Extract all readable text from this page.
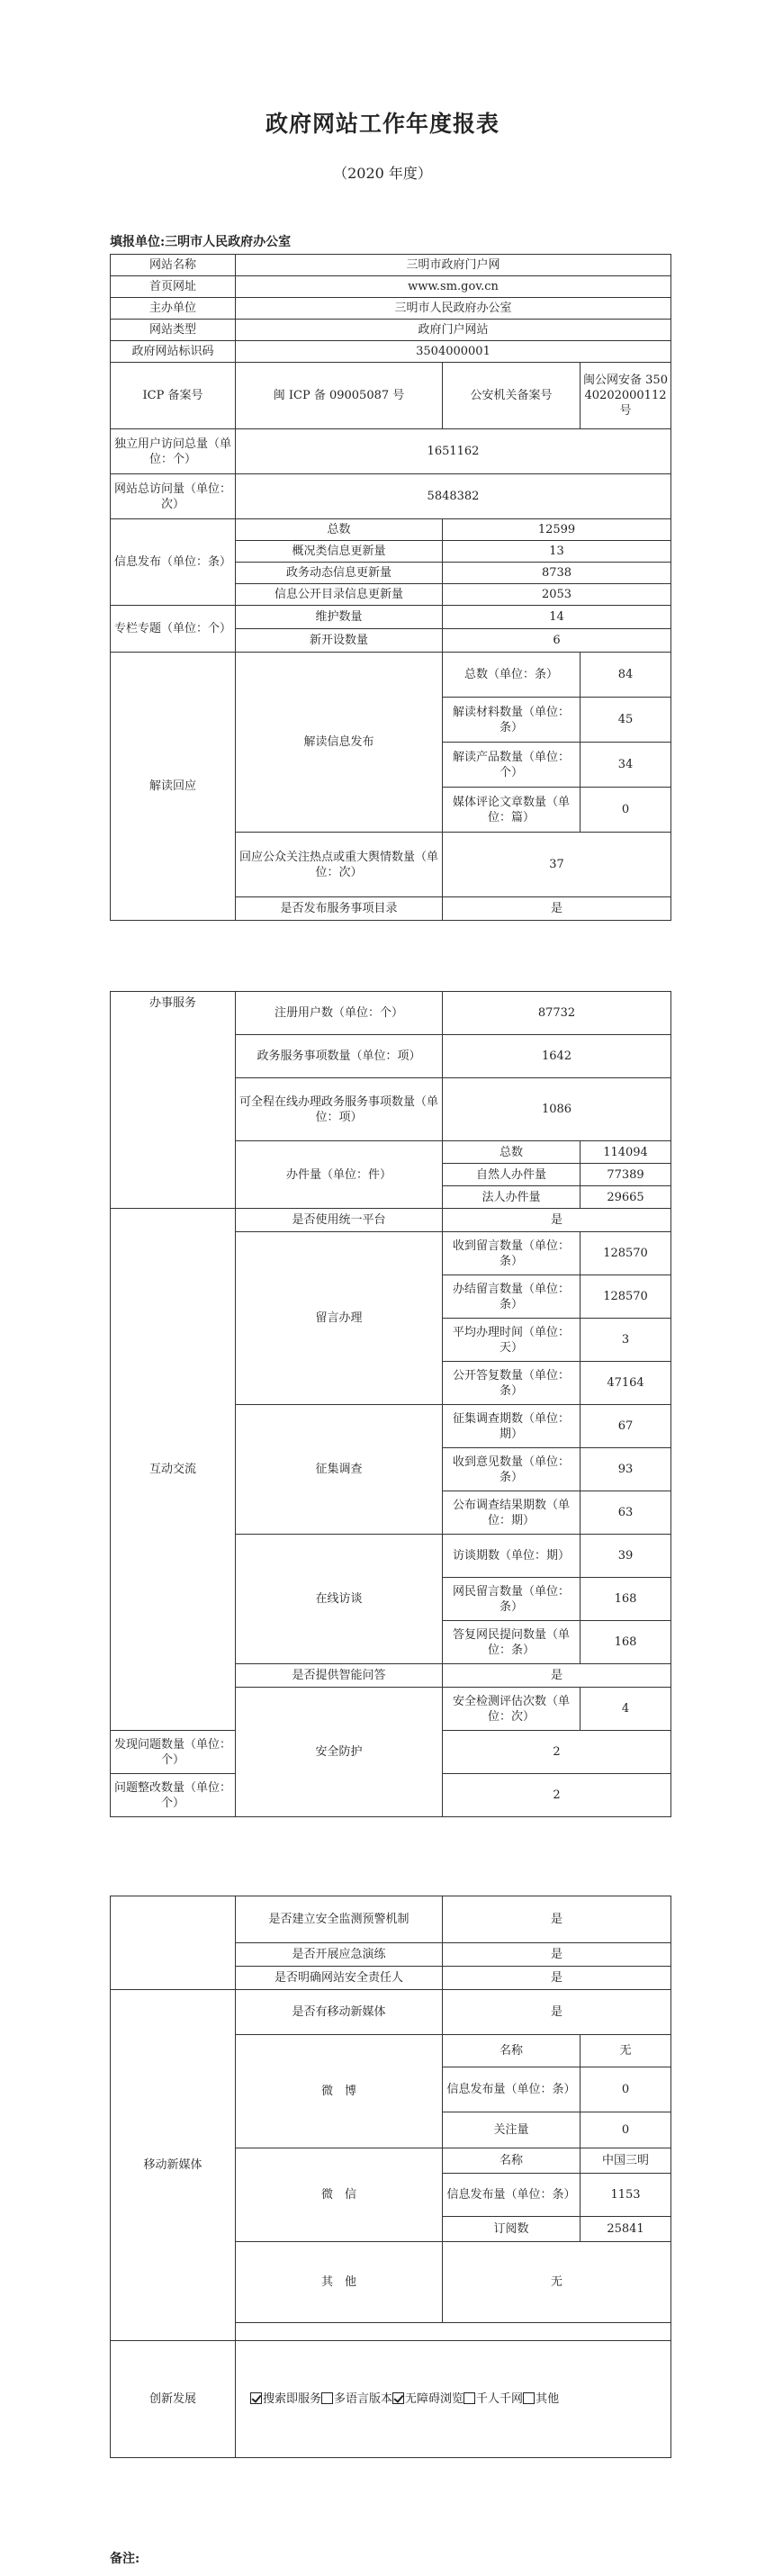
政府网站工作年度报表
（2020 年度）
填报单位:三明市人民政府办公室
网站名称	三明市政府门户网		
首页网址	www.sm.gov.cn		
主办单位	三明市人民政府办公室		
网站类型	政府门户网站		
政府网站标识码	3504000001		
ICP 备案号	闽 ICP 备 09005087 号	公安机关备案号	闽公网安备 35040202000112 号
独立用户访问总量（单位：个）	1651162		
网站总访问量（单位：次）	5848382		
信息发布（单位：条）	总数	12599	
	概况类信息更新量	13	
	政务动态信息更新量	8738	
	信息公开目录信息更新量	2053	
专栏专题（单位：个）	维护数量	14	
	新开设数量	6	
解读回应	解读信息发布	总数（单位：条）	84
		解读材料数量（单位：条）	45
		解读产品数量（单位：个）	34
		媒体评论文章数量（单位：篇）	0
	回应公众关注热点或重大舆情数量（单位：次）	37	
	是否发布服务事项目录	是	
办事服务	注册用户数（单位：个）	87732	
	政务服务事项数量（单位：项）	1642	
	可全程在线办理政务服务事项数量（单位：项）	1086	
	办件量（单位：件）	总数	114094
		自然人办件量	77389
		法人办件量	29665
互动交流	是否使用统一平台	是	
	留言办理	收到留言数量（单位：条）	128570
		办结留言数量（单位：条）	128570
		平均办理时间（单位：天）	3
		公开答复数量（单位：条）	47164
	征集调查	征集调查期数（单位：期）	67
		收到意见数量（单位：条）	93
		公布调查结果期数（单位：期）	63
	在线访谈	访谈期数（单位：期）	39
		网民留言数量（单位：条）	168
		答复网民提问数量（单位：条）	168
	是否提供智能问答	是	
	安全防护	安全检测评估次数（单位：次）	4
发现问题数量（单位：个）		2	
问题整改数量（单位：个）		2	
	是否建立安全监测预警机制	是	
	是否开展应急演练	是	
	是否明确网站安全责任人	是	
移动新媒体	是否有移动新媒体	是	
	微　博	名称	无
		信息发布量（单位：条）	0
		关注量	0
	微　信	名称	中国三明
		信息发布量（单位：条）	1153
		订阅数	25841
	其　他	无	

创新发展	搜索即服务 多语言版本 无障碍浏览 千人千网 其他		
备注:
